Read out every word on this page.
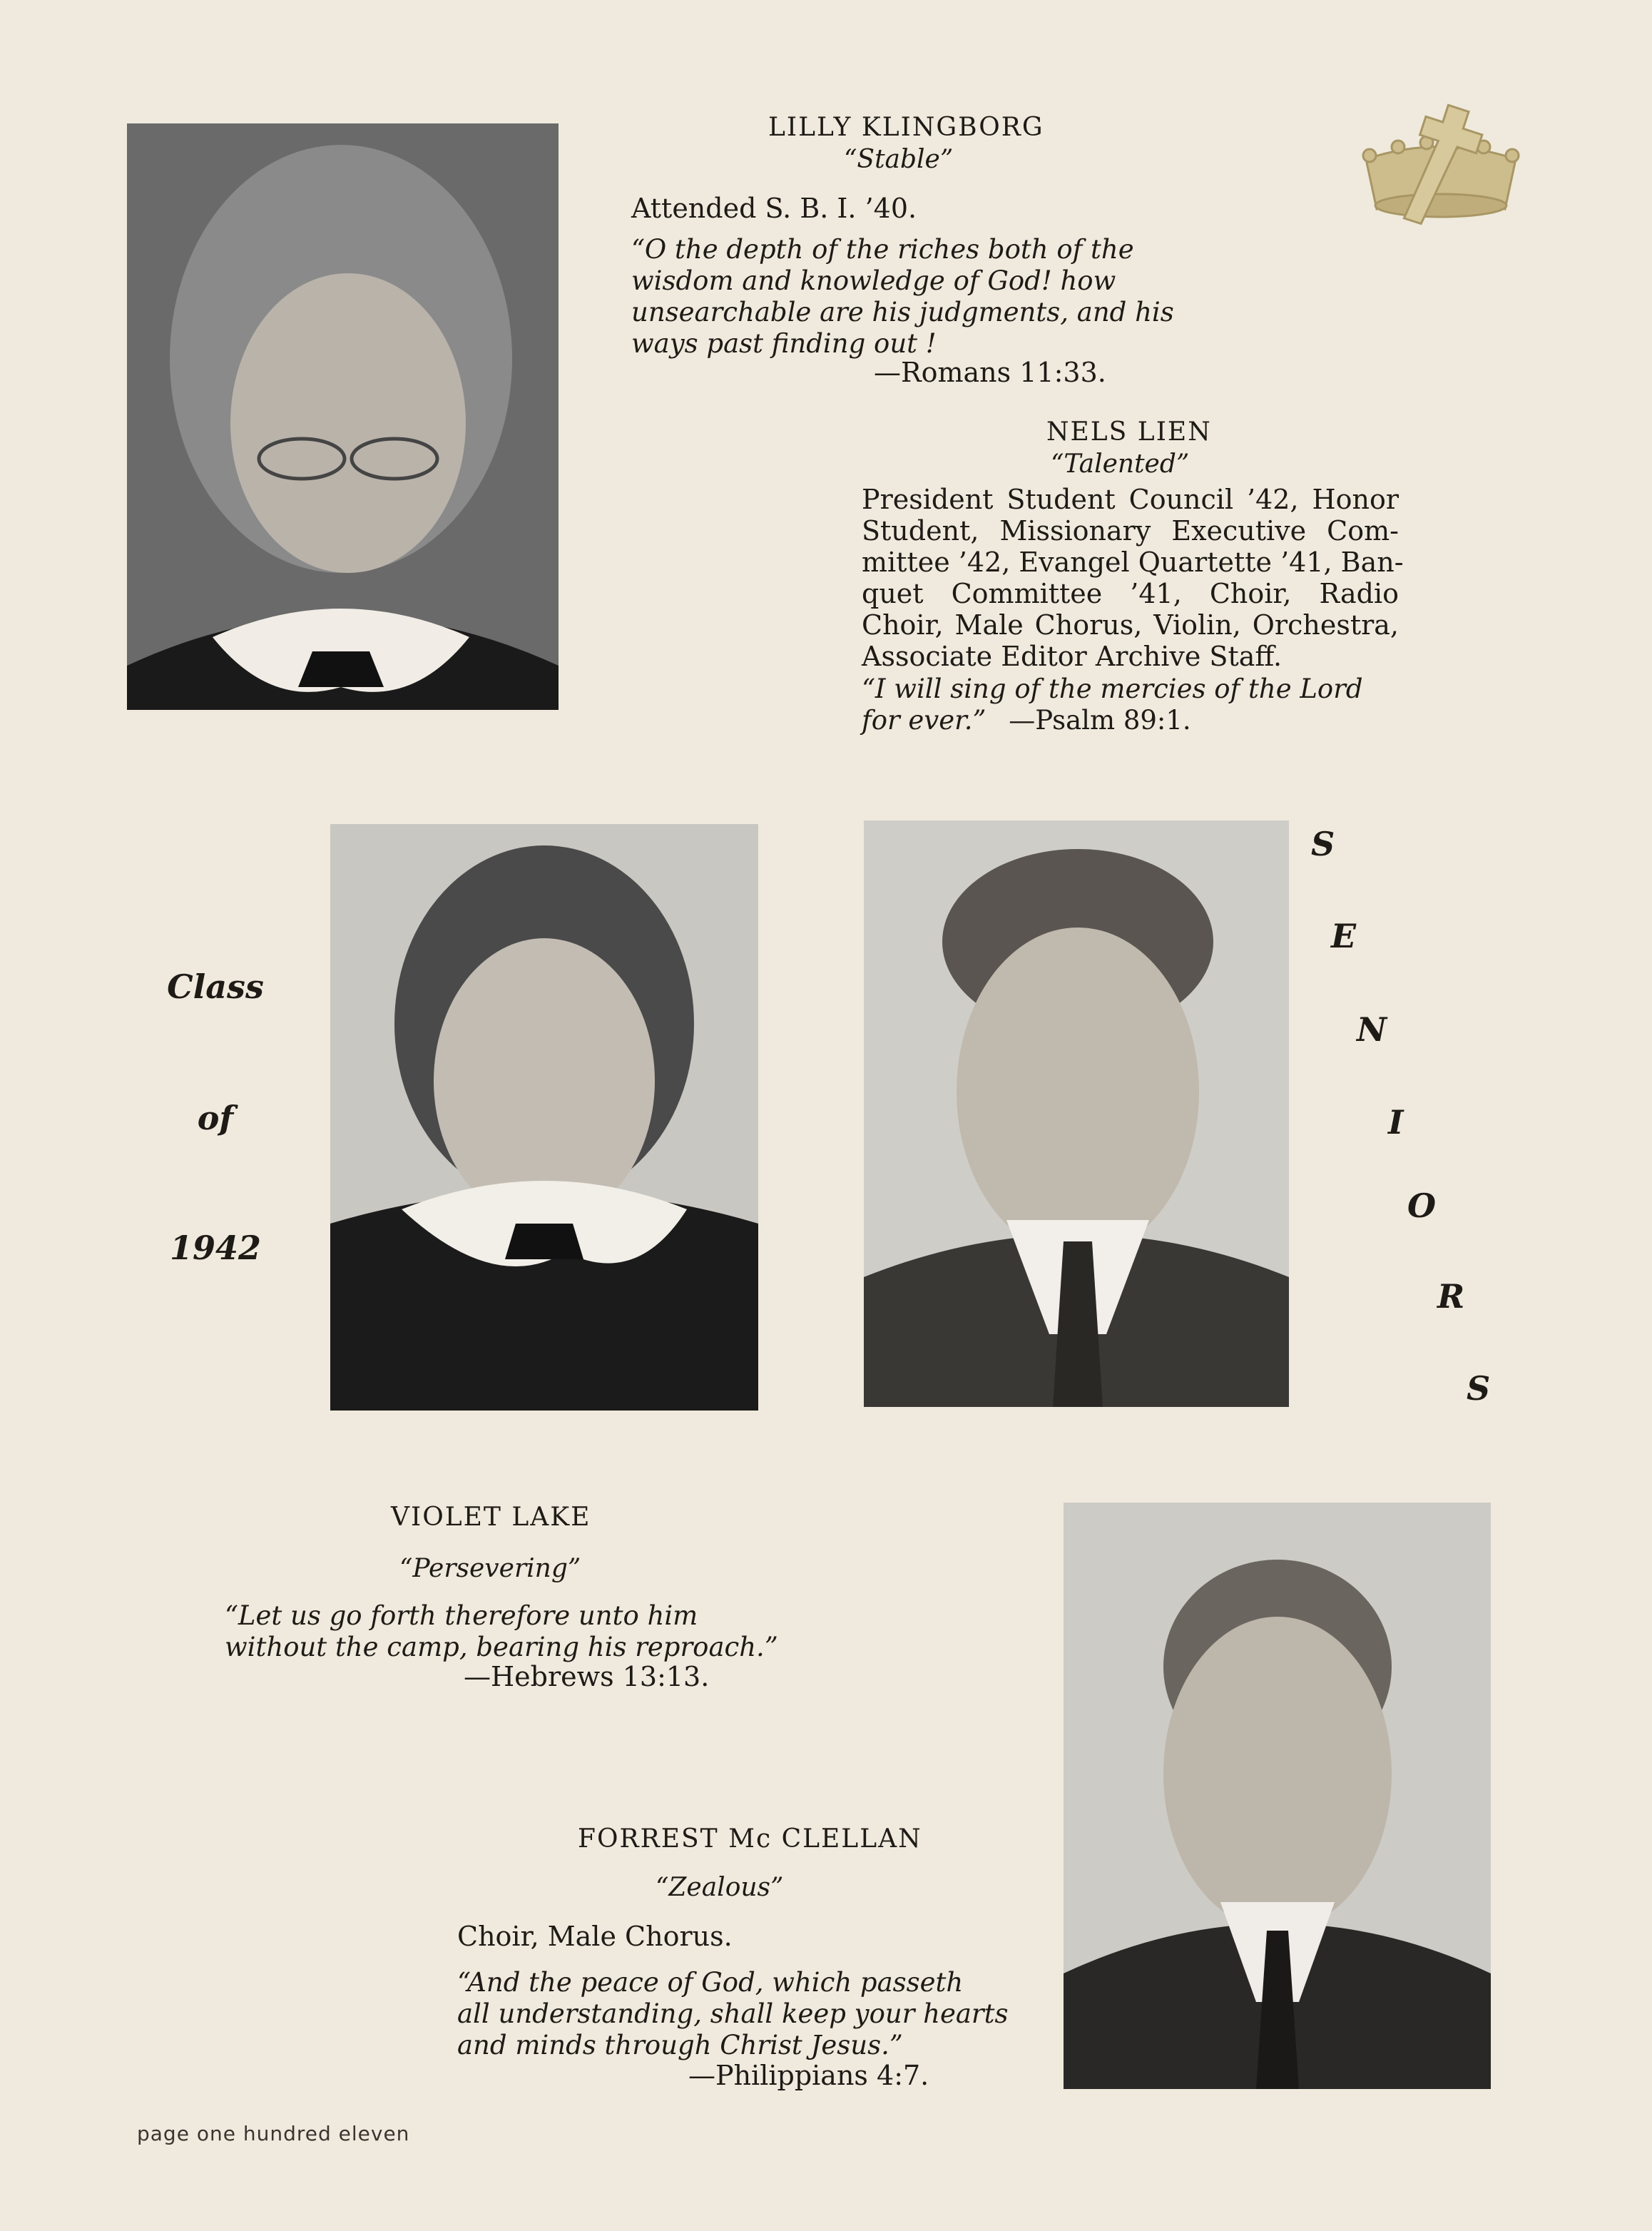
LILLY KLINGBORG
“Stable”
Attended S. B. I. ’40.
“O the depth of the riches both of the
wisdom and knowledge of God! how
unsearchable are his judgments, and his
ways past finding out !
—Romans 11:33.
NELS LIEN
“Talented”
President Student Council ’42, Honor
Student, Missionary Executive Com-
mittee ’42, Evangel Quartette ’41, Ban-
quet Committee ’41, Choir, Radio
Choir, Male Chorus, Violin, Orchestra,
Associate Editor Archive Staff.
“I will sing of the mercies of the Lord
for ever.” —Psalm 89:1.
Class
of
1942
S
E
N
I
O
R
S
VIOLET LAKE
“Persevering”
“Let us go forth therefore unto him
without the camp, bearing his reproach.”
—Hebrews 13:13.
FORREST Mc CLELLAN
“Zealous”
Choir, Male Chorus.
“And the peace of God, which passeth
all understanding, shall keep your hearts
and minds through Christ Jesus.”
—Philippians 4:7.
page one hundred eleven
